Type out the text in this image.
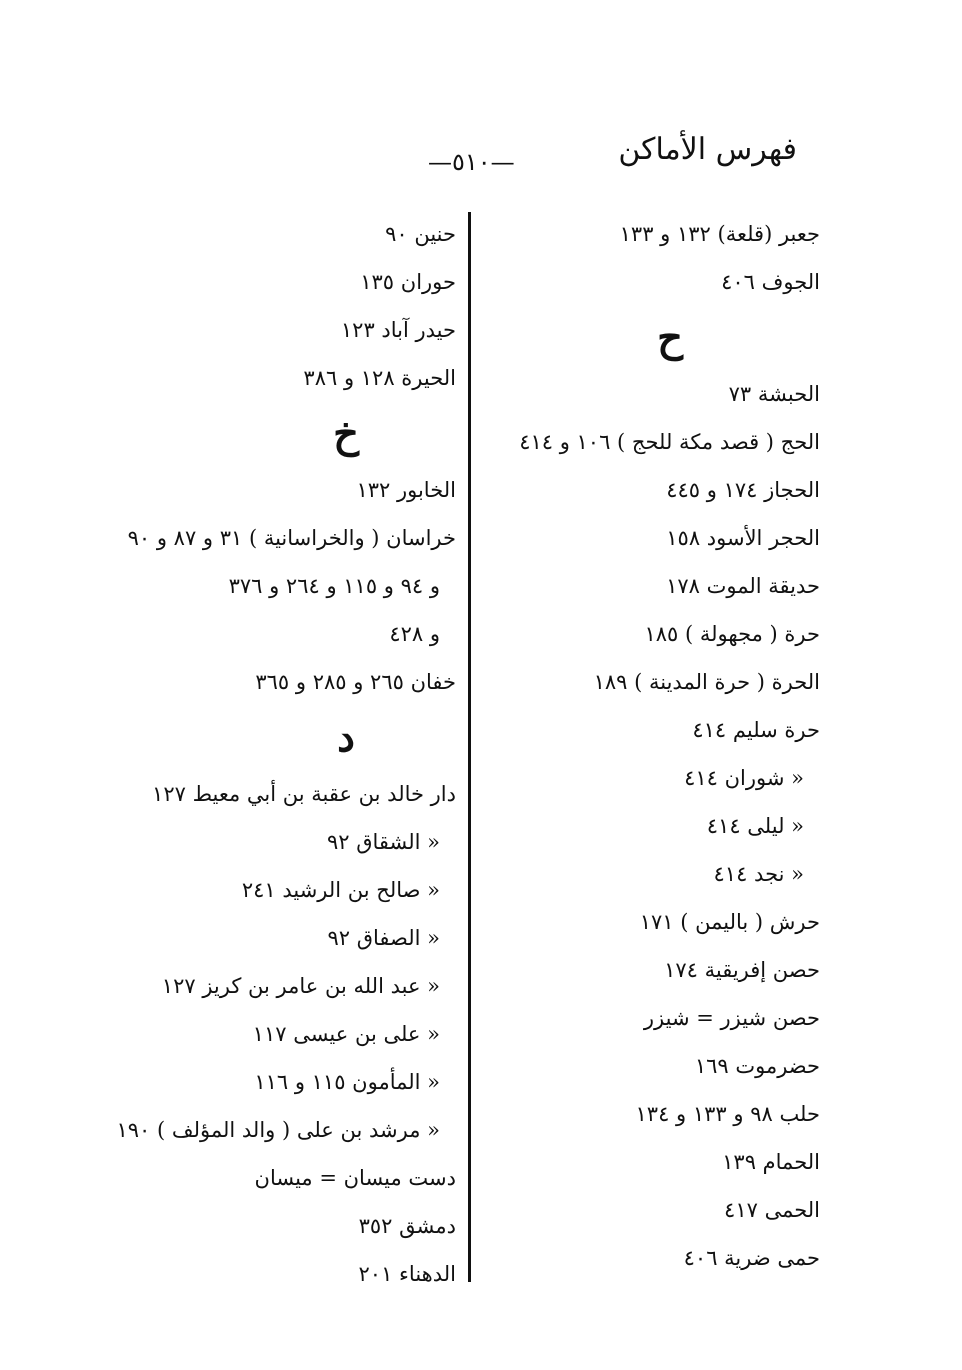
فهرس الأماكن
—٥١٠—
جعبر (قلعة) ١٣٢ و ١٣٣
الجوف ٤٠٦
ح
الحبشة ٧٣
الحج ( قصد مكة للحج ) ١٠٦ و ٤١٤
الحجاز ١٧٤ و ٤٤٥
الحجر الأسود ١٥٨
حديقة الموت ١٧٨
حرة ( مجهولة ) ١٨٥
الحرة ( حرة المدينة ) ١٨٩
حرة سليم ٤١٤
« شوران ٤١٤
« ليلى ٤١٤
« نجد ٤١٤
حرش ( باليمن ) ١٧١
حصن إفريقية ١٧٤
حصن شيزر = شيزر
حضرموت ١٦٩
حلب ٩٨ و ١٣٣ و ١٣٤
الحمام ١٣٩
الحمى ٤١٧
حمى ضرية ٤٠٦
حنين ٩٠
حوران ١٣٥
حيدر آباد ١٢٣
الحيرة ١٢٨ و ٣٨٦
خ
الخابور ١٣٢
خراسان ( والخراسانية ) ٣١ و ٨٧ و ٩٠
و ٩٤ و ١١٥ و ٢٦٤ و ٣٧٦
و ٤٢٨
خفان ٢٦٥ و ٢٨٥ و ٣٦٥
د
دار خالد بن عقبة بن أبي معيط ١٢٧
« الشقاق ٩٢
« صالح بن الرشيد ٢٤١
« الصفاق ٩٢
« عبد الله بن عامر بن كريز ١٢٧
« على بن عيسى ١١٧
« المأمون ١١٥ و ١١٦
« مرشد بن على ( والد المؤلف ) ١٩٠
دست ميسان = ميسان
دمشق ٣٥٢
الدهناء ٢٠١
